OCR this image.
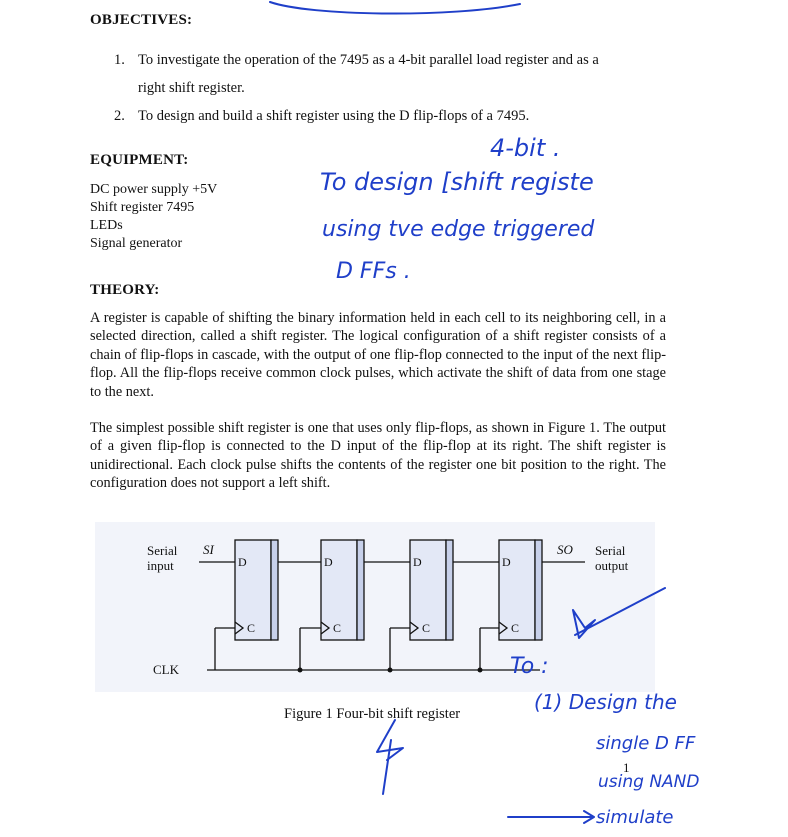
OBJECTIVES:
1. To investigate the operation of the 7495 as a 4-bit parallel load register and as a
right shift register.
2. To design and build a shift register using the D flip-flops of a 7495.
EQUIPMENT:
DC power supply +5V
Shift register 7495
LEDs
Signal generator
4-bit .
To design [shift registe
using tve edge triggered
D FFs .
THEORY:
A register is capable of shifting the binary information held in each cell to its neighboring cell, in a selected direction, called a shift register. The logical configuration of a shift register consists of a chain of flip-flops in cascade, with the output of one flip-flop connected to the input of the next flip-flop. All the flip-flops receive common clock pulses, which activate the shift of data from one stage to the next.
The simplest possible shift register is one that uses only flip-flops, as shown in Figure 1. The output of a given flip-flop is connected to the D input of the flip-flop at its right. The shift register is unidirectional. Each clock pulse shifts the contents of the register one bit position to the right. The configuration does not support a left shift.
Serial
input
SI	SO Serial
output
CLK
D	D	D	D
C	C	C	C
Figure 1 Four-bit shift register
To :
(1) Design the
single D FF
using NAND
simulate
1
